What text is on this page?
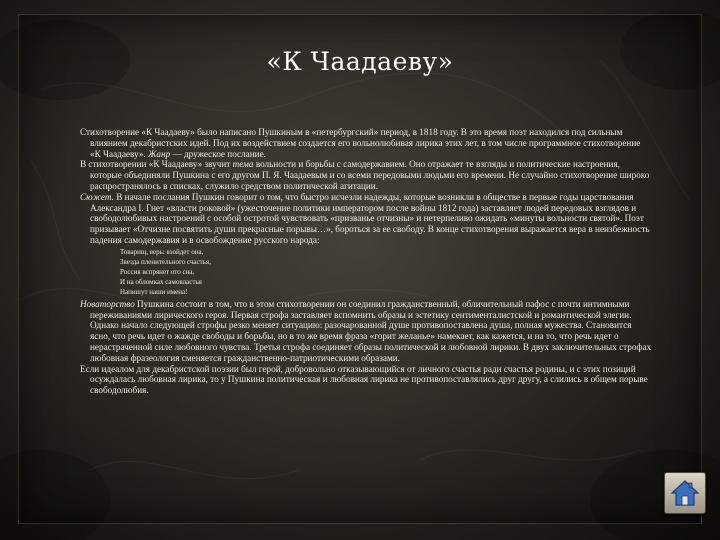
«К Чаадаеву»

Стихотворение «К Чаадаеву» было написано Пушкиным в «петербургский» период, в 1818 году. В это время поэт находился под сильным влиянием декабристских идей. Под их воздействием создается его вольнолюбивая лирика этих лет, в том числе программное стихотворение «К Чаадаеву». Жанр — дружеское послание.

В стихотворении «К Чаадаеву» звучит тема вольности и борьбы с самодержавием. Оно отражает те взгляды и политические настроения, которые объединяли Пушкина с его другом П. Я. Чаадаевым и со всеми передовыми людьми его времени. Не случайно стихотворение широко распространялось в списках, служило средством политической агитации.

Сюжет. В начале послания Пушкин говорит о том, что быстро исчезли надежды, которые возникли в обществе в первые годы царствования Александра I. Гнет «власти роковой» (ужесточение политики императором после войны 1812 года) заставляет людей передовых взглядов и свободолюбивых настроений с особой остротой чувствовать «призванье отчизны» и нетерпеливо ожидать «минуты вольности святой». Поэт призывает «Отчизне посвятить души прекрасные порывы…», бороться за ее свободу. В конце стихотворения выражается вера в неизбежность падения самодержавия и в освобождение русского народа:

Товарищ, верь: взойдет она,

Звезда пленительного счастья,

Россия вспрянет ото сна,

И на обломках самовластья

Напишут наши имена!

Новаторство Пушкина состоит в том, что в этом стихотворении он соединил гражданственный, обличительный пафос с почти интимными переживаниями лирического героя. Первая строфа заставляет вспомнить образы и эстетику сентименталистской и романтической элегии. Однако начало следующей строфы резко меняет ситуацию: разочарованной душе противопоставлена душа, полная мужества. Становится ясно, что речь идет о жажде свободы и борьбы, но в то же время фраза «горит желанье» намекает, как кажется, и на то, что речь идет о нерастраченной силе любовного чувства. Третья строфа соединяет образы политической и любовной лирики. В двух заключительных строфах любовная фразеология сменяется гражданственно-патриотическими образами.

Если идеалом для декабристской поэзии был герой, добровольно отказывающийся от личного счастья ради счастья родины, и с этих позиций осуждалась любовная лирика, то у Пушкина политическая и любовная лирика не противопоставлялись друг другу, а слились в общем порыве свободолюбия.
